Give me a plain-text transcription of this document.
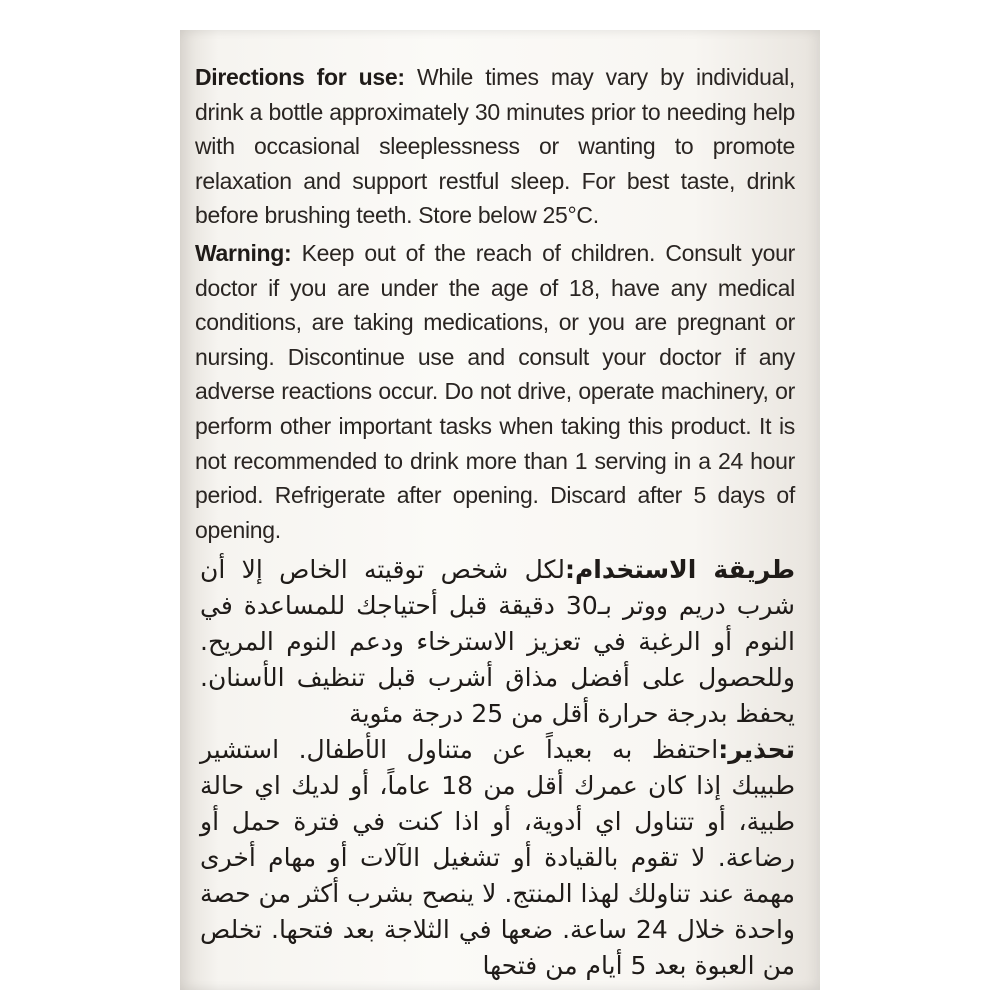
Directions for use: While times may vary by individual, drink a bottle approximately 30 minutes prior to needing help with occasional sleeplessness or wanting to promote relaxation and support restful sleep. For best taste, drink before brushing teeth. Store below 25°C.
Warning: Keep out of the reach of children. Consult your doctor if you are under the age of 18, have any medical conditions, are taking medications, or you are pregnant or nursing. Discontinue use and consult your doctor if any adverse reactions occur. Do not drive, operate machinery, or perform other important tasks when taking this product. It is not recommended to drink more than 1 serving in a 24 hour period. Refrigerate after opening. Discard after 5 days of opening.
طريقة الاستخدام:لكل شخص توقيته الخاص إلا أن شرب دريم ووتر بـ30 دقيقة قبل أحتياجك للمساعدة في النوم أو الرغبة في تعزيز الاسترخاء ودعم النوم المريح. وللحصول على أفضل مذاق أشرب قبل تنظيف الأسنان. يحفظ بدرجة حرارة أقل من 25 درجة مئوية
تحذير:احتفظ به بعيداً عن متناول الأطفال. استشير طبيبك إذا كان عمرك أقل من 18 عاماً، أو لديك اي حالة طبية، أو تتناول اي أدوية، أو اذا كنت في فترة حمل أو رضاعة. لا تقوم بالقيادة أو تشغيل الآلات أو مهام أخرى مهمة عند تناولك لهذا المنتج. لا ينصح بشرب أكثر من حصة واحدة خلال 24 ساعة. ضعها في الثلاجة بعد فتحها. تخلص من العبوة بعد 5 أيام من فتحها
